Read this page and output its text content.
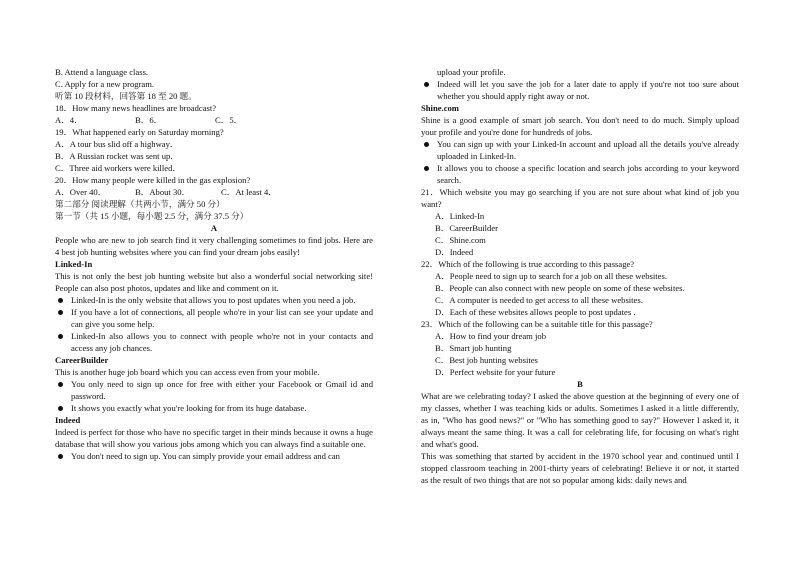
B. Attend a language class.
C. Apply for a new program.
听第 10 段材料，回答第 18 至 20 题。
18．How many news headlines are broadcast?
A．4．	B．6．	C．5．
19．What happened early on Saturday morning?
A．A tour bus slid off a highway．
B．A Russian rocket was sent up．
C．Three aid workers were killed．
20．How many people were killed in the gas explosion?
A．Over 40．	B．About 30．	C．At least 4．
第二部分 阅读理解（共两小节，满分 50 分）
第一节（共 15 小题，每小题 2.5 分，满分 37.5 分）
A
People who are new to job search find it very challenging sometimes to find jobs. Here are 4 best job hunting websites where you can find your dream jobs easily!
Linked-In
This is not only the best job hunting website but also a wonderful social networking site! People can also post photos, updates and like and comment on it.
Linked-In is the only website that allows you to post updates when you need a job.
If you have a lot of connections, all people who're in your list can see your update and can give you some help.
Linked-In also allows you to connect with people who're not in your contacts and access any job chances.
CareerBuilder
This is another huge job board which you can access even from your mobile.
You only need to sign up once for free with either your Facebook or Gmail id and password.
It shows you exactly what you're looking for from its huge database.
Indeed
Indeed is perfect for those who have no specific target in their minds because it owns a huge database that will show you various jobs among which you can always find a suitable one.
You don't need to sign up. You can simply provide your email address and can
upload your profile.
Indeed will let you save the job for a later date to apply if you're not too sure about whether you should apply right away or not.
Shine.com
Shine is a good example of smart job search. You don't need to do much. Simply upload your profile and you're done for hundreds of jobs.
You can sign up with your Linked-In account and upload all the details you've already uploaded in Linked-In.
It allows you to choose a specific location and search jobs according to your keyword search.
21．Which website you may go searching if you are not sure about what kind of job you want?
A．Linked-In
B．CareerBuilder
C．Shine.com
D．Indeed
22．Which of the following is true according to this passage?
A．People need to sign up to search for a job on all these websites.
B．People can also connect with new people on some of these websites.
C．A computer is needed to get access to all these websites.
D．Each of these websites allows people to post updates .
23．Which of the following can be a suitable title for this passage?
A．How to find your dream job
B．Smart job hunting
C．Best job hunting websites
D．Perfect website for your future
B
What are we celebrating today? I asked the above question at the beginning of every one of my classes, whether I was teaching kids or adults. Sometimes I asked it a little differently, as in, "Who has good news?" or "Who has something good to say?" However I asked it, it always meant the same thing. It was a call for celebrating life, for focusing on what's right and what's good.
This was something that started by accident in the 1970 school year and continued until I stopped classroom teaching in 2001-thirty years of celebrating! Believe it or not, it started as the result of two things that are not so popular among kids: daily news and
